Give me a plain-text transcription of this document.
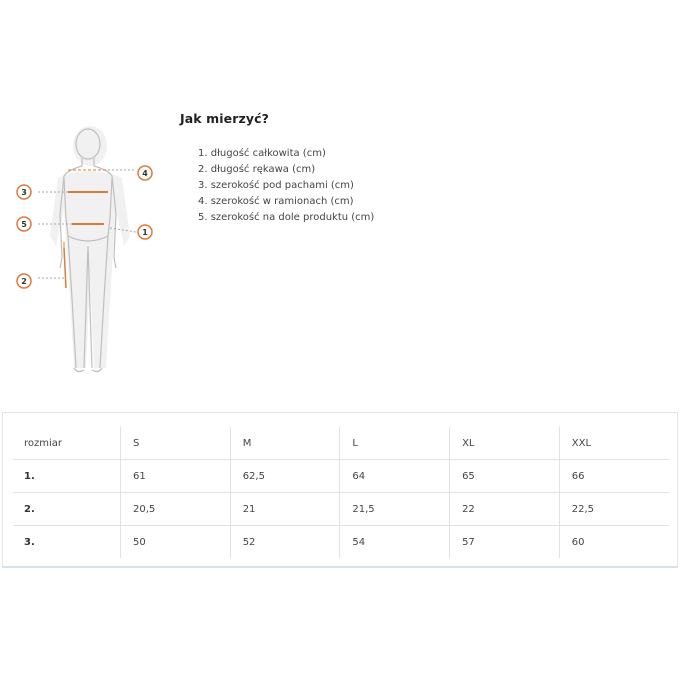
3
5
2
4
1
Jak mierzyć?
1. długość całkowita (cm)
2. długość rękawa (cm)
3. szerokość pod pachami (cm)
4. szerokość w ramionach (cm)
5. szerokość na dole produktu (cm)
rozmiar	S	M	L	XL	XXL
1.	61	62,5	64	65	66
2.	20,5	21	21,5	22	22,5
3.	50	52	54	57	60
